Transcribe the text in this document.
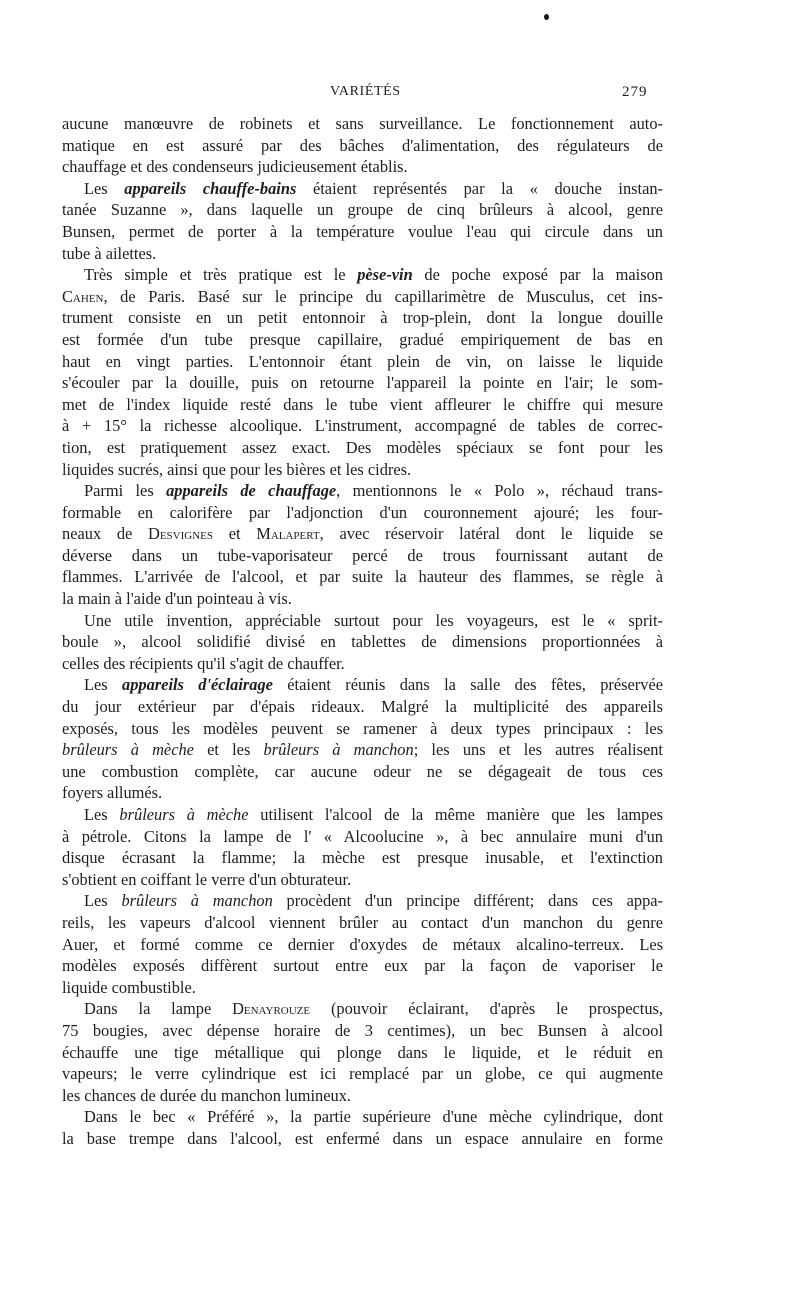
VARIÉTÉS	279
aucune manœuvre de robinets et sans surveillance. Le fonctionnement auto-
matique en est assuré par des bâches d'alimentation, des régulateurs de
chauffage et des condenseurs judicieusement établis.
Les appareils chauffe-bains étaient représentés par la « douche instan-
tanée Suzanne », dans laquelle un groupe de cinq brûleurs à alcool, genre
Bunsen, permet de porter à la température voulue l'eau qui circule dans un
tube à ailettes.
Très simple et très pratique est le pèse-vin de poche exposé par la maison
Cahen, de Paris. Basé sur le principe du capillarimètre de Musculus, cet ins-
trument consiste en un petit entonnoir à trop-plein, dont la longue douille
est formée d'un tube presque capillaire, gradué empiriquement de bas en
haut en vingt parties. L'entonnoir étant plein de vin, on laisse le liquide
s'écouler par la douille, puis on retourne l'appareil la pointe en l'air; le som-
met de l'index liquide resté dans le tube vient affleurer le chiffre qui mesure
à + 15° la richesse alcoolique. L'instrument, accompagné de tables de correc-
tion, est pratiquement assez exact. Des modèles spéciaux se font pour les
liquides sucrés, ainsi que pour les bières et les cidres.
Parmi les appareils de chauffage, mentionnons le « Polo », réchaud trans-
formable en calorifère par l'adjonction d'un couronnement ajouré; les four-
neaux de Desvignes et Malapert, avec réservoir latéral dont le liquide se
déverse dans un tube-vaporisateur percé de trous fournissant autant de
flammes. L'arrivée de l'alcool, et par suite la hauteur des flammes, se règle à
la main à l'aide d'un pointeau à vis.
Une utile invention, appréciable surtout pour les voyageurs, est le « sprit-
boule », alcool solidifié divisé en tablettes de dimensions proportionnées à
celles des récipients qu'il s'agit de chauffer.
Les appareils d'éclairage étaient réunis dans la salle des fêtes, préservée
du jour extérieur par d'épais rideaux. Malgré la multiplicité des appareils
exposés, tous les modèles peuvent se ramener à deux types principaux : les
brûleurs à mèche et les brûleurs à manchon; les uns et les autres réalisent
une combustion complète, car aucune odeur ne se dégageait de tous ces
foyers allumés.
Les brûleurs à mèche utilisent l'alcool de la même manière que les lampes
à pétrole. Citons la lampe de l' « Alcoolucine », à bec annulaire muni d'un
disque écrasant la flamme; la mèche est presque inusable, et l'extinction
s'obtient en coiffant le verre d'un obturateur.
Les brûleurs à manchon procèdent d'un principe différent; dans ces appa-
reils, les vapeurs d'alcool viennent brûler au contact d'un manchon du genre
Auer, et formé comme ce dernier d'oxydes de métaux alcalino-terreux. Les
modèles exposés diffèrent surtout entre eux par la façon de vaporiser le
liquide combustible.
Dans la lampe Denayrouze (pouvoir éclairant, d'après le prospectus,
75 bougies, avec dépense horaire de 3 centimes), un bec Bunsen à alcool
échauffe une tige métallique qui plonge dans le liquide, et le réduit en
vapeurs; le verre cylindrique est ici remplacé par un globe, ce qui augmente
les chances de durée du manchon lumineux.
Dans le bec « Préféré », la partie supérieure d'une mèche cylindrique, dont
la base trempe dans l'alcool, est enfermé dans un espace annulaire en forme
